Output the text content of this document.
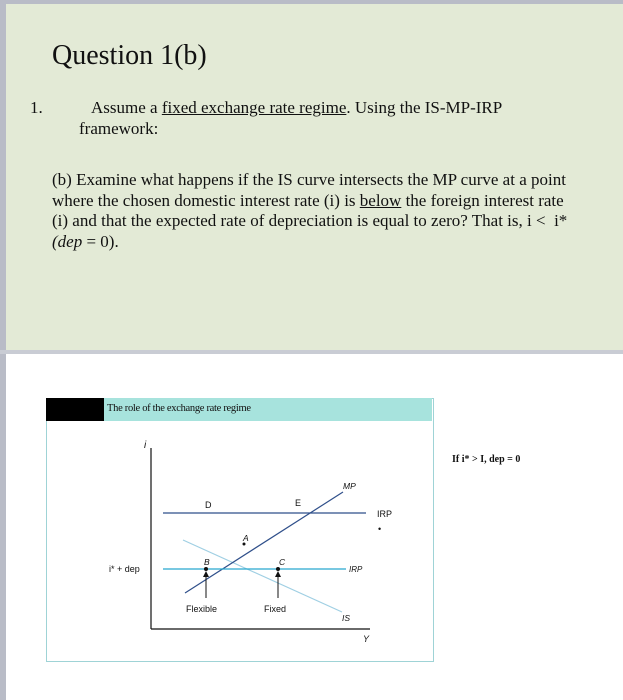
Question 1(b)
1.	Assume a fixed exchange rate regime. Using the IS-MP-IRP
framework:
(b) Examine what happens if the IS curve intersects the MP curve at a point where the chosen domestic interest rate (i) is below the foreign interest rate (i) and that the expected rate of depreciation is equal to zero? That is, i <  i* (dep = 0).
The role of the exchange rate regime
i
Y
IS
MP
IRP
•
IRP
i* + dep
D	E
A
B	C
Flexible	Fixed
If i* > I, dep = 0
